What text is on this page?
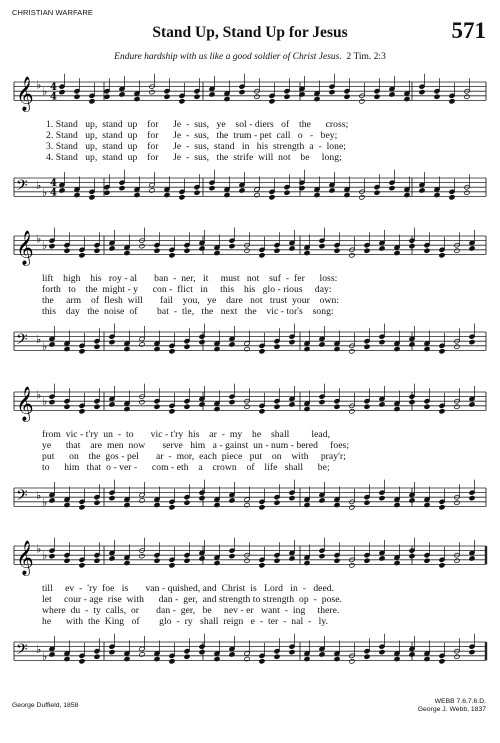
CHRISTIAN WARFARE
Stand Up, Stand Up for Jesus	571
Endure hardship with us like a good soldier of Christ Jesus. 2 Tim. 2:3
𝄞 ♭
♭ 4
4
1. Stand   up,  stand  up    for      Je  -  sus,   ye    sol - diers   of    the      cross;
2. Stand   up,  stand  up    for      Je  -  sus,   the  trum - pet  call   o   -   bey;
3. Stand   up,  stand  up    for      Je  -  sus,  stand   in   his  strength  a  -  lone;
4. Stand   up,  stand  up    for      Je  -  sus,   the  strife  will  not    be     long;
𝄢 ♭
♭
4
4
𝄞 ♭
♭
lift    high    his   roy - al       ban  -  ner,   it     must   not    suf  -  fer      loss:
forth   to    the  might - y      con -  flict   in     this    his   glo - rious     day:
the     arm    of  flesh  will       fail    you,   ye    dare   not   trust  your    own:
this    day   the  noise  of        bat  -  tle,   the   next   the    vic - tor's    song:
𝄢 ♭
♭
𝄞 ♭
♭
from  vic - t'ry  un  -  to       vic - t'ry  his    ar  -  my    he    shall         lead,
ye      that    are  men  now       serve   him   a - gainst  un - num - bered     foes;
put      on    the  gos - pel       ar  -  mor,  each  piece   put    on    with     pray'r;
to      him   that  o - ver -      com - eth    a    crown    of    life   shall      be;
𝄢 ♭
♭
𝄞 ♭
♭
till     ev  -  'ry  foe   is       van - quished, and  Christ  is   Lord   in  -   deed.
let     cour - age  rise  with      dan -  ger,  and strength to strength  op  -  pose.
where  du  -  ty  calls,  or       dan -  ger,   be     nev - er   want  -  ing     there.
he      with  the  King   of        glo  -  ry   shall  reign   e  -  ter  -  nal  -   ly.
𝄢 ♭
♭
George Duffield, 1858
WEBB 7.6.7.6.D.
George J. Webb, 1837
